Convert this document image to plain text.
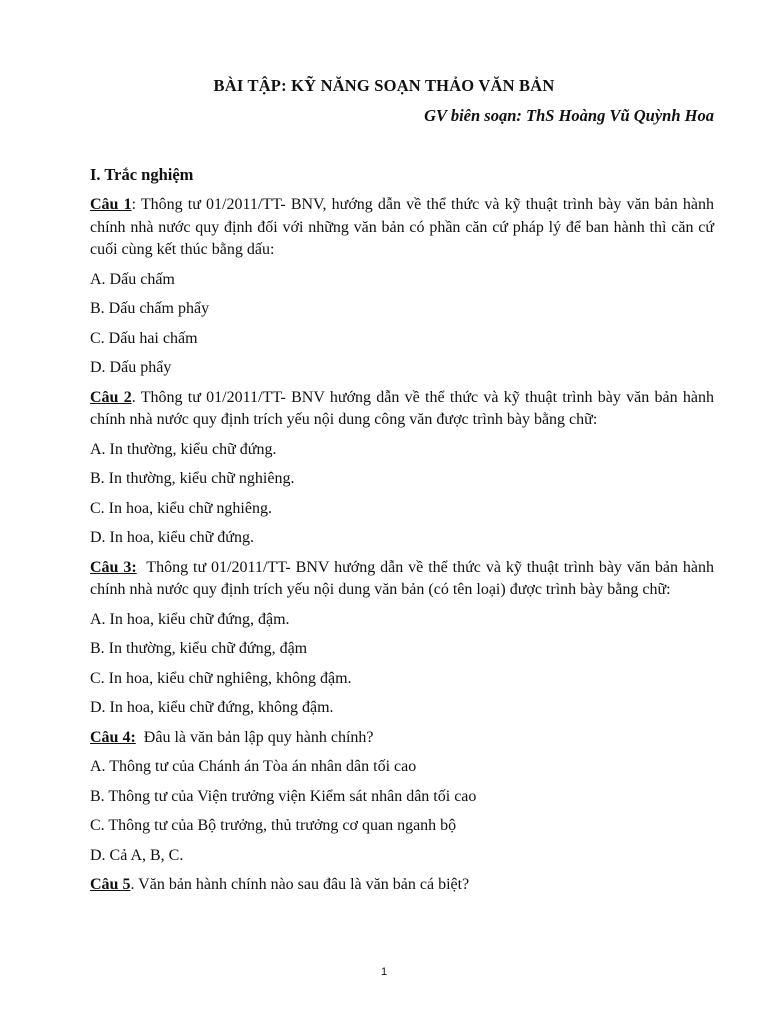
BÀI TẬP: KỸ NĂNG SOẠN THẢO VĂN BẢN
GV biên soạn: ThS Hoàng Vũ Quỳnh Hoa
I. Trắc nghiệm
Câu 1: Thông tư 01/2011/TT- BNV, hướng dẫn về thể thức và kỹ thuật trình bày văn bản hành chính nhà nước quy định đối với những văn bản có phần căn cứ pháp lý để ban hành thì căn cứ cuối cùng kết thúc bằng dấu:
A. Dấu chấm
B. Dấu chấm phẩy
C. Dấu hai chấm
D. Dấu phẩy
Câu 2. Thông tư 01/2011/TT- BNV hướng dẫn về thể thức và kỹ thuật trình bày văn bản hành chính nhà nước quy định trích yếu nội dung công văn được trình bày bằng chữ:
A. In thường, kiểu chữ đứng.
B. In thường, kiểu chữ nghiêng.
C. In hoa, kiểu chữ nghiêng.
D. In hoa, kiểu chữ đứng.
Câu 3: Thông tư 01/2011/TT- BNV hướng dẫn về thể thức và kỹ thuật trình bày văn bản hành chính nhà nước quy định trích yếu nội dung văn bản (có tên loại) được trình bày bằng chữ:
A. In hoa, kiểu chữ đứng, đậm.
B. In thường, kiểu chữ đứng, đậm
C. In hoa, kiểu chữ nghiêng, không đậm.
D. In hoa, kiểu chữ đứng, không đậm.
Câu 4: Đâu là văn bản lập quy hành chính?
A. Thông tư của Chánh án Tòa án nhân dân tối cao
B. Thông tư của Viện trưởng viện Kiểm sát nhân dân tối cao
C. Thông tư của Bộ trưởng, thủ trưởng cơ quan nganh bộ
D. Cả A, B, C.
Câu 5. Văn bản hành chính nào sau đâu là văn bản cá biệt?
1
